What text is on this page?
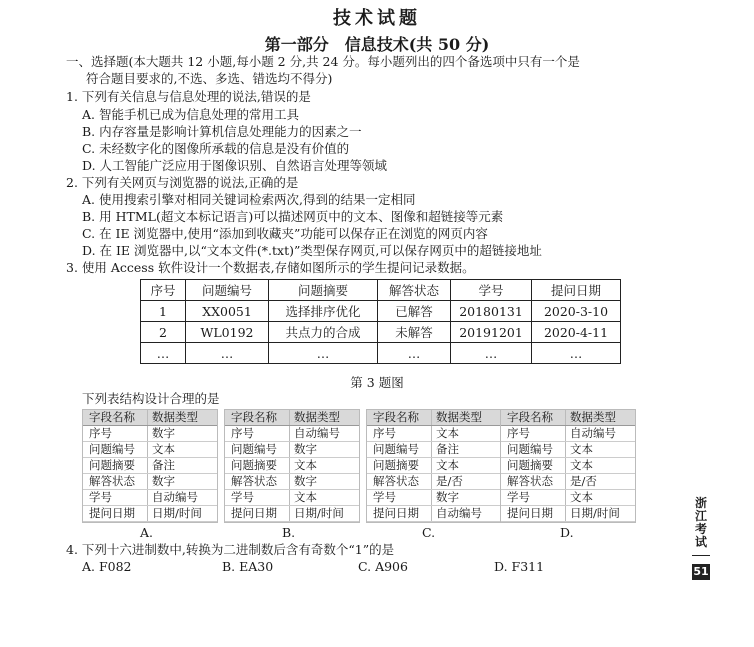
技术试题
第一部分　信息技术(共 50 分)
一、选择题(本大题共 12 小题,每小题 2 分,共 24 分。每小题列出的四个备选项中只有一个是
符合题目要求的,不选、多选、错选均不得分)
1. 下列有关信息与信息处理的说法,错误的是
A. 智能手机已成为信息处理的常用工具
B. 内存容量是影响计算机信息处理能力的因素之一
C. 未经数字化的图像所承载的信息是没有价值的
D. 人工智能广泛应用于图像识别、自然语言处理等领域
2. 下列有关网页与浏览器的说法,正确的是
A. 使用搜索引擎对相同关键词检索两次,得到的结果一定相同
B. 用 HTML(超文本标记语言)可以描述网页中的文本、图像和超链接等元素
C. 在 IE 浏览器中,使用“添加到收藏夹”功能可以保存正在浏览的网页内容
D. 在 IE 浏览器中,以“文本文件(*.txt)”类型保存网页,可以保存网页中的超链接地址
3. 使用 Access 软件设计一个数据表,存储如图所示的学生提问记录数据。
序号	问题编号	问题摘要	解答状态	学号	提问日期
1	XX0051	选择排序优化	已解答	20180131	2020-3-10
2	WL0192	共点力的合成	未解答	20191201	2020-4-11
…	…	…	…	…	…
第 3 题图
下列表结构设计合理的是
字段名称	数据类型
序号	数字
问题编号	文本
问题摘要	备注
解答状态	数字
学号	自动编号
提问日期	日期/时间
字段名称	数据类型
序号	自动编号
问题编号	数字
问题摘要	文本
解答状态	数字
学号	文本
提问日期	日期/时间
字段名称	数据类型
序号	文本
问题编号	备注
问题摘要	文本
解答状态	是/否
学号	数字
提问日期	自动编号
字段名称	数据类型
序号	自动编号
问题编号	文本
问题摘要	文本
解答状态	是/否
学号	文本
提问日期	日期/时间
A.	B.	C.	D.
4. 下列十六进制数中,转换为二进制数后含有奇数个“1”的是
A. F082	B. EA30	C. A906	D. F311
浙江考试
51
